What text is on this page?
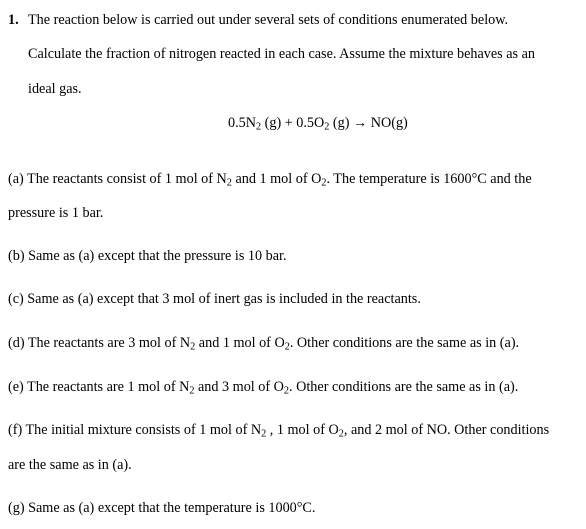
1. The reaction below is carried out under several sets of conditions enumerated below.
Calculate the fraction of nitrogen reacted in each case. Assume the mixture behaves as an
ideal gas.
$0.5N_2$ $(g) + 0.5O_2$ (g) → NO(g)
(a) The reactants consist of 1 mol of $N_2$ and 1 mol of $O_2$. The temperature is 1600°C and the
pressure is 1 bar.
(b) Same as (a) except that the pressure is 10 bar.
(c) Same as (a) except that 3 mol of inert gas is included in the reactants.
(d) The reactants are 3 mol of $N_2$ and 1 mol of $O_2$. Other conditions are the same as in (a).
(e) The reactants are 1 mol of $N_2$ and 3 mol of $O_2$. Other conditions are the same as in (a).
(f) The initial mixture consists of 1 mol of $N_2$ , 1 mol of $O_2$, and 2 mol of NO. Other conditions
are the same as in (a).
(g) Same as (a) except that the temperature is 1000°C.
